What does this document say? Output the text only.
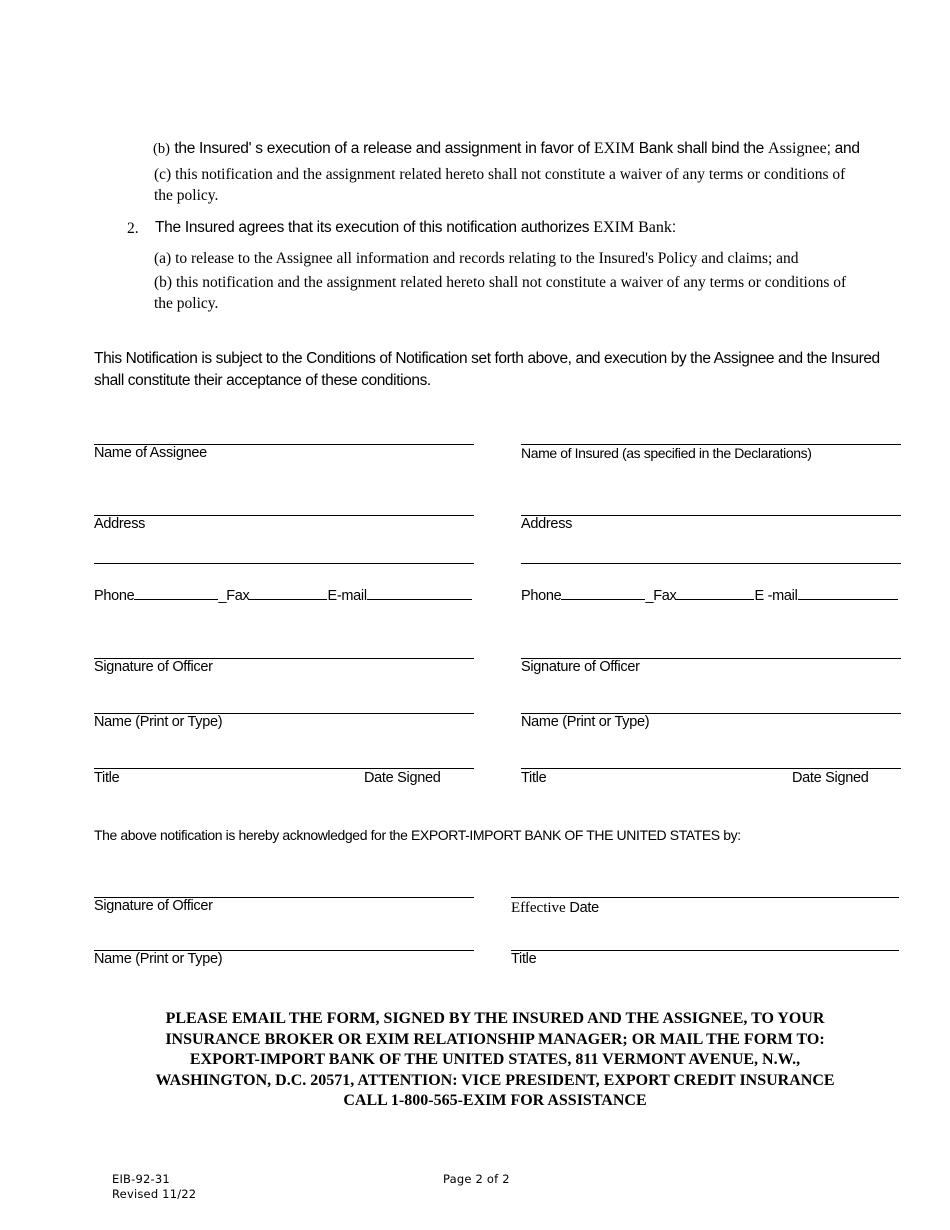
(b) the Insured' s execution of a release and assignment in favor of EXIM Bank shall bind the Assignee; and
(c) this notification and the assignment related hereto shall not constitute a waiver of any terms or conditions of the policy.
2. The Insured agrees that its execution of this notification authorizes EXIM Bank:
(a) to release to the Assignee all information and records relating to the Insured's Policy and claims; and
(b) this notification and the assignment related hereto shall not constitute a waiver of any terms or conditions of the policy.
This Notification is subject to the Conditions of Notification set forth above, and execution by the Assignee and the Insured shall constitute their acceptance of these conditions.
Name of Assignee
Address
Phone	_Fax	E-mail
Signature of Officer
Name (Print or Type)
Title	Date Signed
Name of Insured (as specified in the Declarations)
Address
Phone	_Fax	E -mail
Signature of Officer
Name (Print or Type)
Title	Date Signed
The above notification is hereby acknowledged for the EXPORT-IMPORT BANK OF THE UNITED STATES by:
Signature of Officer	Effective Date
Name (Print or Type)	Title
PLEASE EMAIL THE FORM, SIGNED BY THE INSURED AND THE ASSIGNEE, TO YOUR
INSURANCE BROKER OR EXIM RELATIONSHIP MANAGER; OR MAIL THE FORM TO:
EXPORT-IMPORT BANK OF THE UNITED STATES, 811 VERMONT AVENUE, N.W.,
WASHINGTON, D.C. 20571, ATTENTION: VICE PRESIDENT, EXPORT CREDIT INSURANCE
CALL 1-800-565-EXIM FOR ASSISTANCE
EIB-92-31
Revised 11/22
Page 2 of 2
